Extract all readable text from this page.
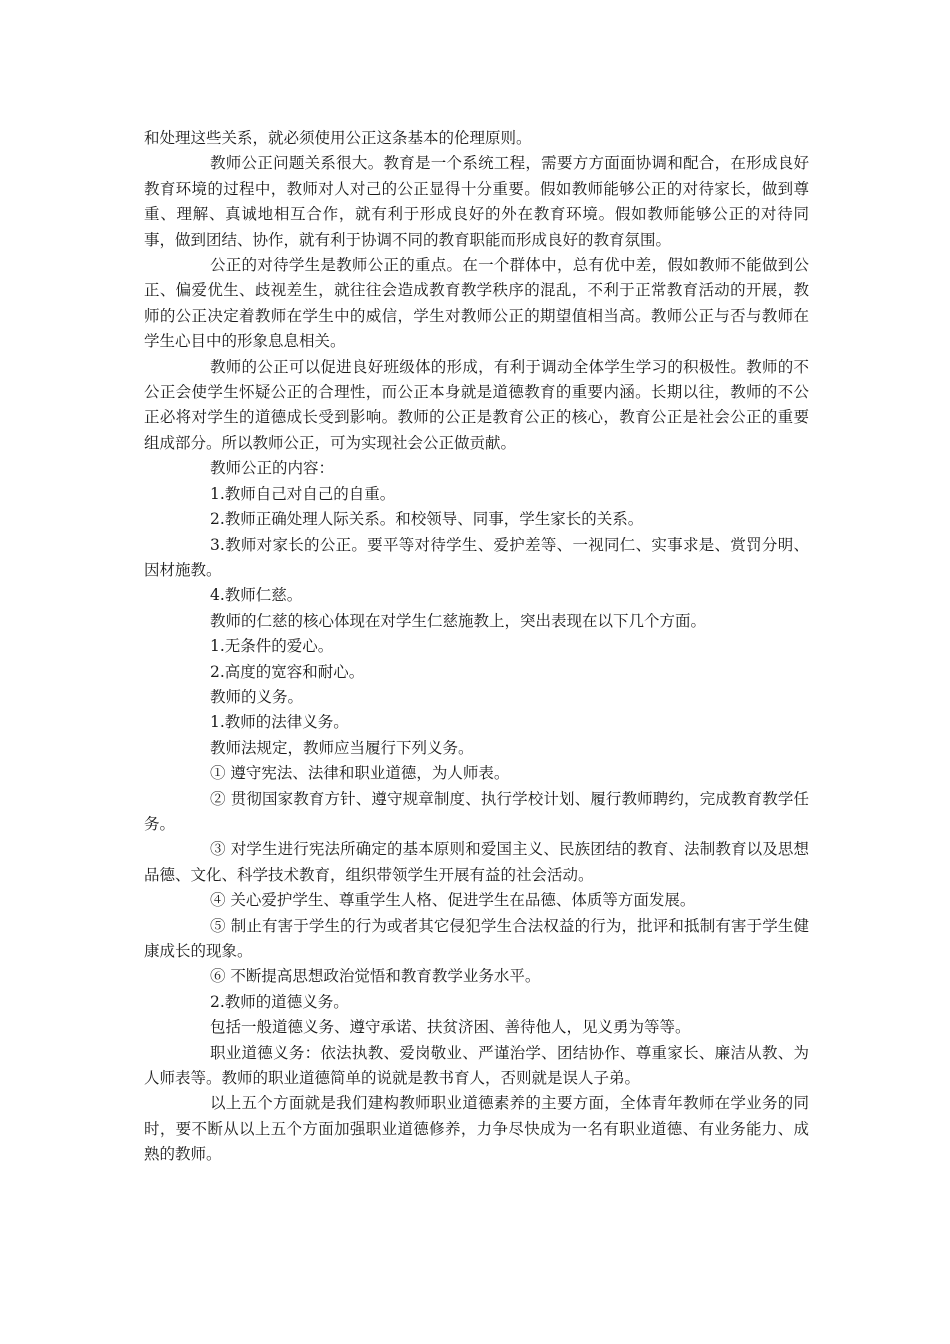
和处理这些关系，就必须使用公正这条基本的伦理原则。

教师公正问题关系很大。教育是一个系统工程，需要方方面面协调和配合，在形成良好教育环境的过程中，教师对人对己的公正显得十分重要。假如教师能够公正的对待家长，做到尊重、理解、真诚地相互合作，就有利于形成良好的外在教育环境。假如教师能够公正的对待同事，做到团结、协作，就有利于协调不同的教育职能而形成良好的教育氛围。

公正的对待学生是教师公正的重点。在一个群体中，总有优中差，假如教师不能做到公正、偏爱优生、歧视差生，就往往会造成教育教学秩序的混乱，不利于正常教育活动的开展，教师的公正决定着教师在学生中的威信，学生对教师公正的期望值相当高。教师公正与否与教师在学生心目中的形象息息相关。

教师的公正可以促进良好班级体的形成，有利于调动全体学生学习的积极性。教师的不公正会使学生怀疑公正的合理性，而公正本身就是道德教育的重要内涵。长期以往，教师的不公正必将对学生的道德成长受到影响。教师的公正是教育公正的核心，教育公正是社会公正的重要组成部分。所以教师公正，可为实现社会公正做贡献。

教师公正的内容：

1.教师自己对自己的自重。

2.教师正确处理人际关系。和校领导、同事，学生家长的关系。

3.教师对家长的公正。要平等对待学生、爱护差等、一视同仁、实事求是、赏罚分明、因材施教。

4.教师仁慈。

教师的仁慈的核心体现在对学生仁慈施教上，突出表现在以下几个方面。

1.无条件的爱心。

2.高度的宽容和耐心。

教师的义务。

1.教师的法律义务。

教师法规定，教师应当履行下列义务。

① 遵守宪法、法律和职业道德，为人师表。

② 贯彻国家教育方针、遵守规章制度、执行学校计划、履行教师聘约，完成教育教学任务。

③ 对学生进行宪法所确定的基本原则和爱国主义、民族团结的教育、法制教育以及思想品德、文化、科学技术教育，组织带领学生开展有益的社会活动。

④ 关心爱护学生、尊重学生人格、促进学生在品德、体质等方面发展。

⑤ 制止有害于学生的行为或者其它侵犯学生合法权益的行为，批评和抵制有害于学生健康成长的现象。

⑥ 不断提高思想政治觉悟和教育教学业务水平。

2.教师的道德义务。

包括一般道德义务、遵守承诺、扶贫济困、善待他人，见义勇为等等。

职业道德义务：依法执教、爱岗敬业、严谨治学、团结协作、尊重家长、廉洁从教、为人师表等。教师的职业道德简单的说就是教书育人，否则就是误人子弟。

以上五个方面就是我们建构教师职业道德素养的主要方面，全体青年教师在学业务的同时，要不断从以上五个方面加强职业道德修养，力争尽快成为一名有职业道德、有业务能力、成熟的教师。
